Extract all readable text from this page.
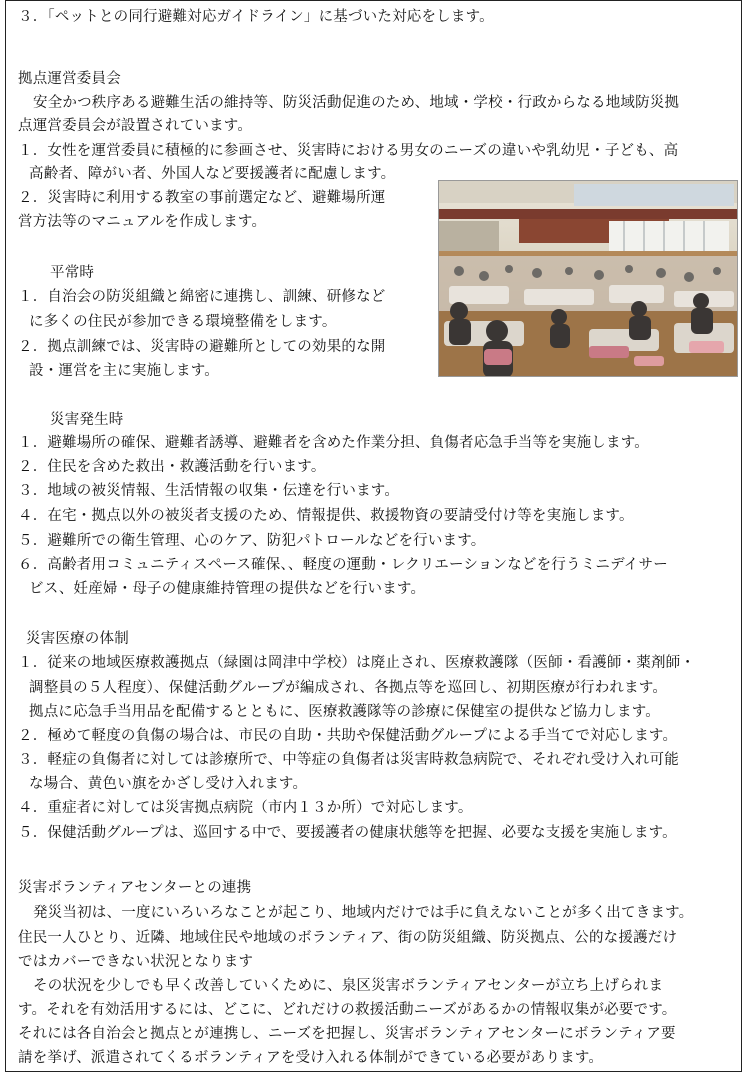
３．「ペットとの同行避難対応ガイドライン」に基づいた対応をします。
拠点運営委員会
安全かつ秩序ある避難生活の維持等、防災活動促進のため、地域・学校・行政からなる地域防災拠
点運営委員会が設置されています。
１．女性を運営委員に積極的に参画させ、災害時における男女のニーズの違いや乳幼児・子ども、高
高齢者、障がい者、外国人など要援護者に配慮します。
２．災害時に利用する教室の事前選定など、避難場所運
営方法等のマニュアルを作成します。
平常時
１．自治会の防災組織と綿密に連携し、訓練、研修など
に多くの住民が参加できる環境整備をします。
２．拠点訓練では、災害時の避難所としての効果的な開
設・運営を主に実施します。
災害発生時
１．避難場所の確保、避難者誘導、避難者を含めた作業分担、負傷者応急手当等を実施します。
２．住民を含めた救出・救護活動を行います。
３．地域の被災情報、生活情報の収集・伝達を行います。
４．在宅・拠点以外の被災者支援のため、情報提供、救援物資の要請受付け等を実施します。
５．避難所での衛生管理、心のケア、防犯パトロールなどを行います。
６．高齢者用コミュニティスペース確保、、軽度の運動・レクリエーションなどを行うミニデイサー
ビス、妊産婦・母子の健康維持管理の提供などを行います。
災害医療の体制
１．従来の地域医療救護拠点（緑園は岡津中学校）は廃止され、医療救護隊（医師・看護師・薬剤師・
調整員の５人程度）、保健活動グループが編成され、各拠点等を巡回し、初期医療が行われます。
拠点に応急手当用品を配備するとともに、医療救護隊等の診療に保健室の提供など協力します。
２．極めて軽度の負傷の場合は、市民の自助・共助や保健活動グループによる手当てで対応します。
３．軽症の負傷者に対しては診療所で、中等症の負傷者は災害時救急病院で、それぞれ受け入れ可能
な場合、黄色い旗をかざし受け入れます。
４．重症者に対しては災害拠点病院（市内１３か所）で対応します。
５．保健活動グループは、巡回する中で、要援護者の健康状態等を把握、必要な支援を実施します。
災害ボランティアセンターとの連携
発災当初は、一度にいろいろなことが起こり、地域内だけでは手に負えないことが多く出てきます。
住民一人ひとり、近隣、地域住民や地域のボランティア、街の防災組織、防災拠点、公的な援護だけ
ではカバーできない状況となります
その状況を少しでも早く改善していくために、泉区災害ボランティアセンターが立ち上げられま
す。それを有効活用するには、どこに、どれだけの救援活動ニーズがあるかの情報収集が必要です。
それには各自治会と拠点とが連携し、ニーズを把握し、災害ボランティアセンターにボランティア要
請を挙げ、派遣されてくるボランティアを受け入れる体制ができている必要があります。
